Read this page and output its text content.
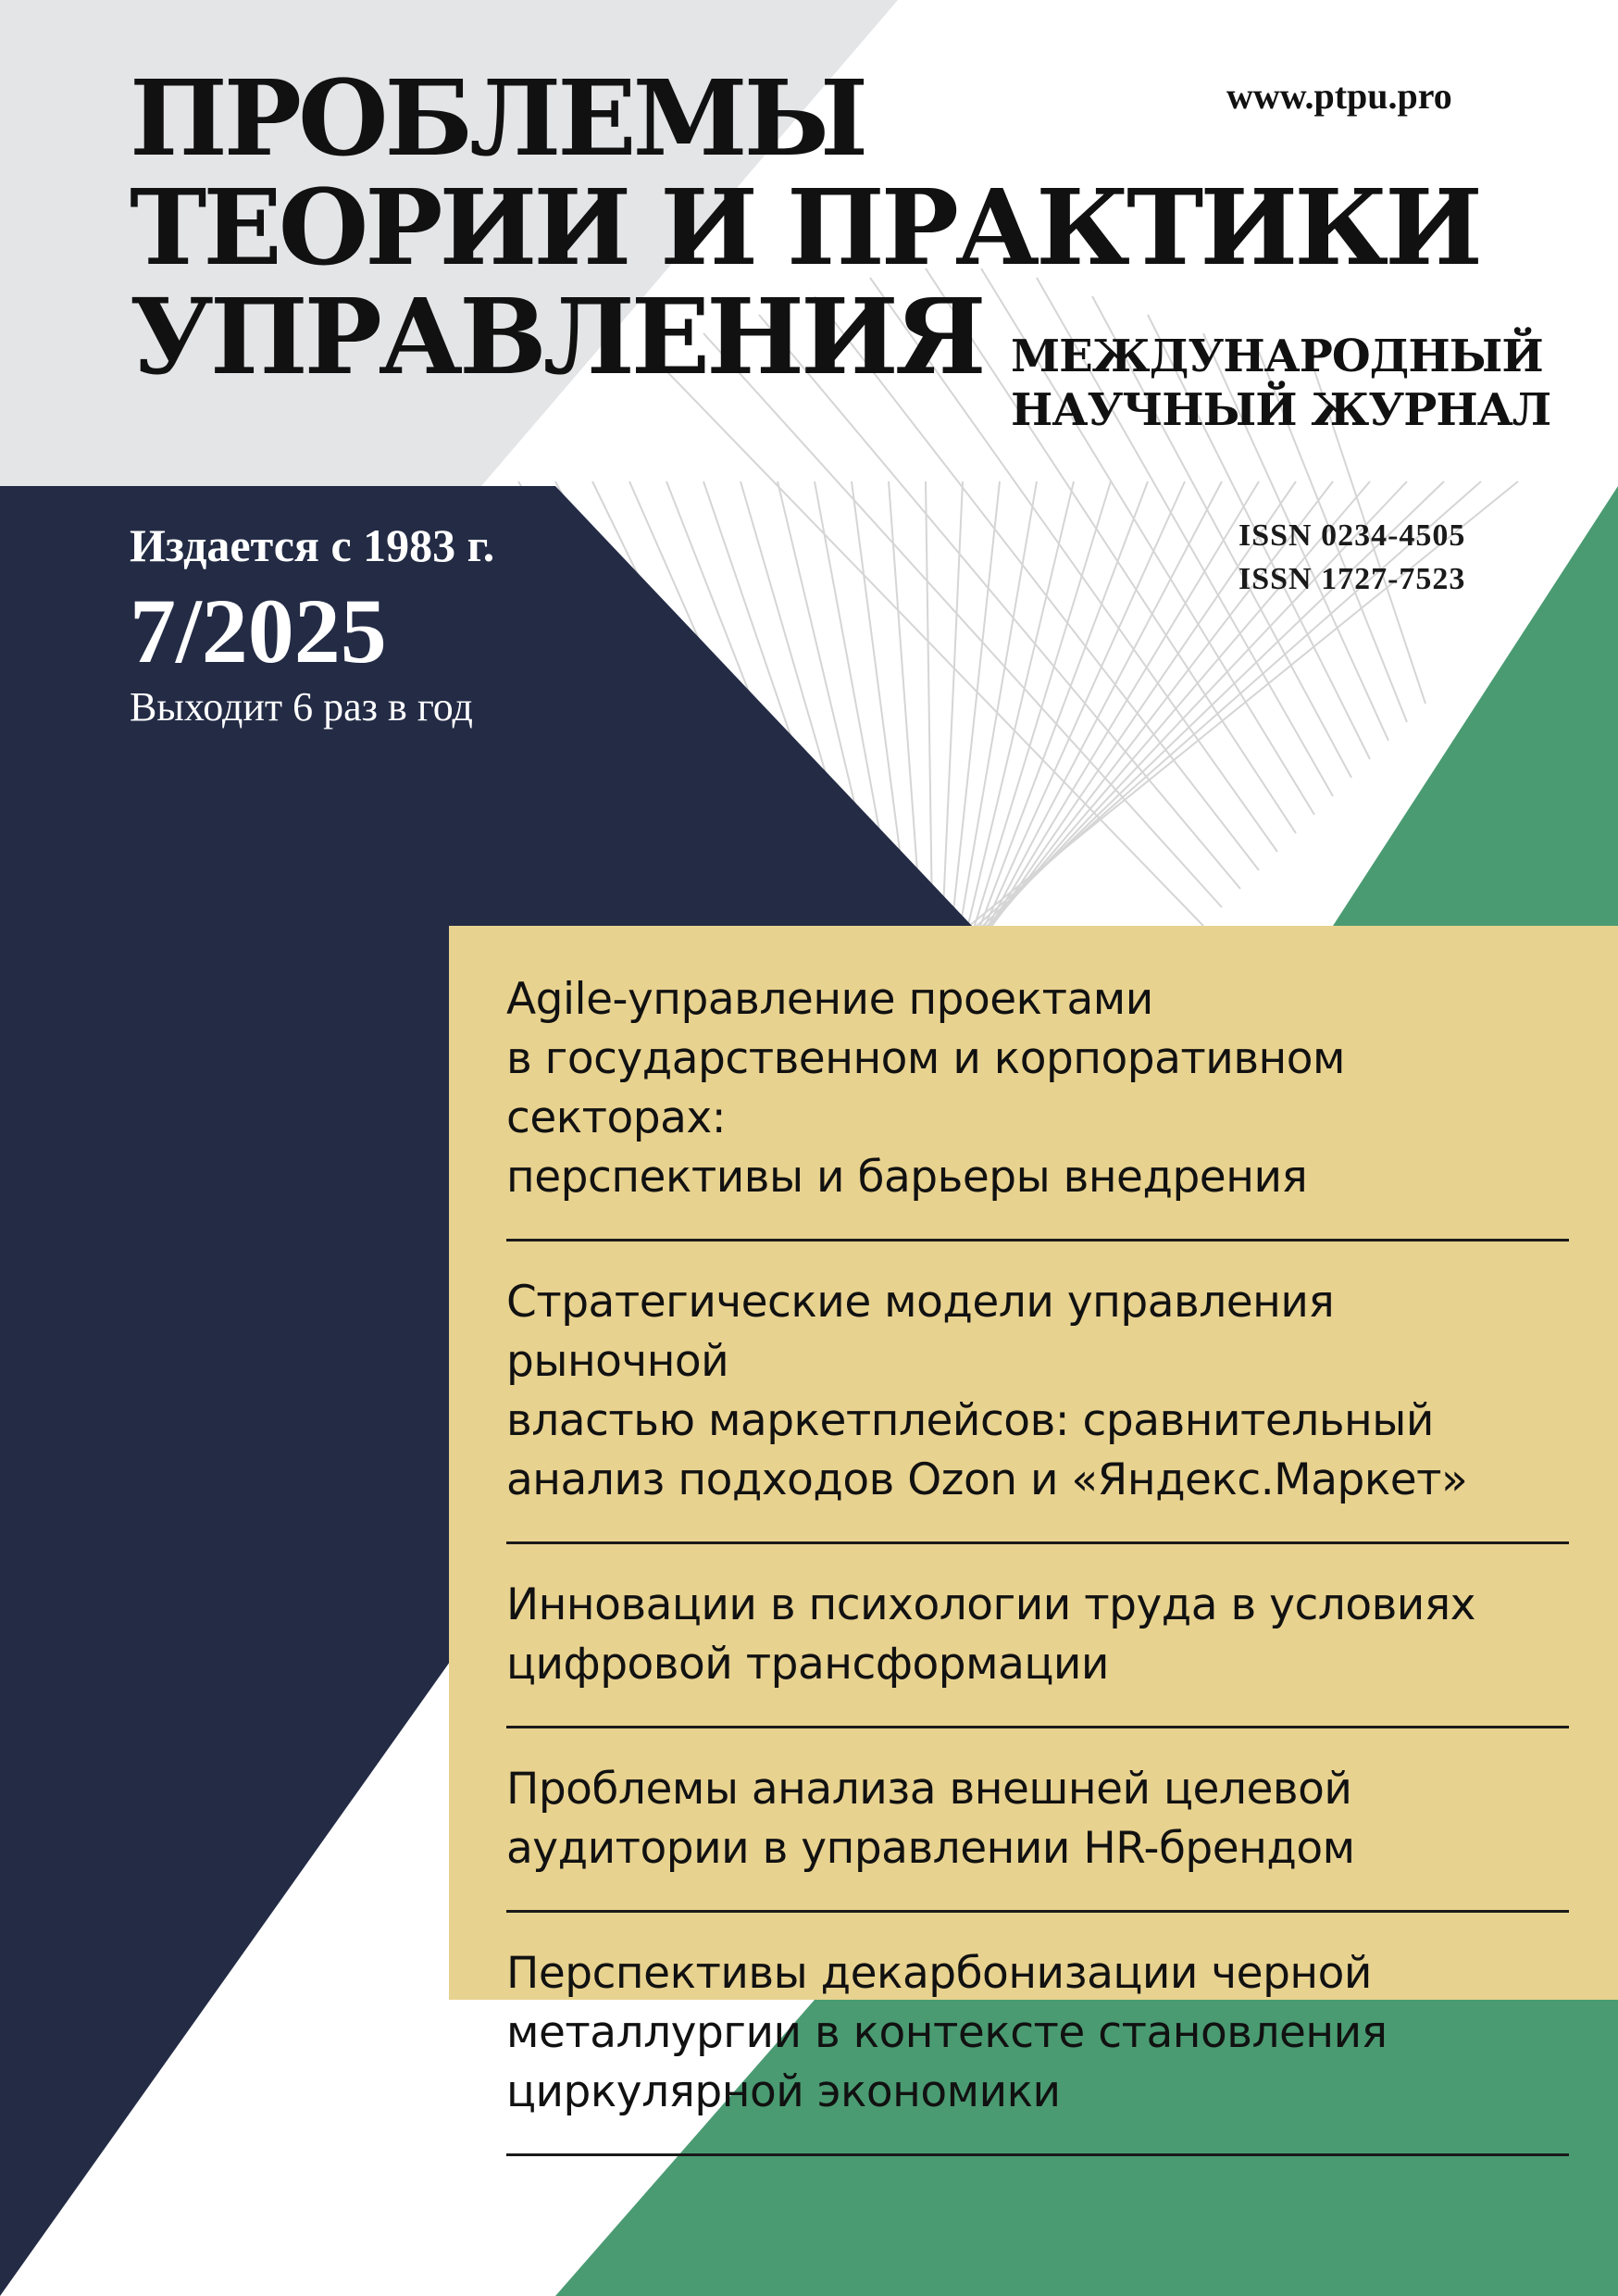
ПРОБЛЕМЫ
ТЕОРИИ И ПРАКТИКИ
УПРАВЛЕНИЯ МЕЖДУНАРОДНЫЙ
НАУЧНЫЙ ЖУРНАЛ
www.ptpu.pro
ISSN 0234-4505
ISSN 1727-7523
Издается с 1983 г.
7/2025
Выходит 6 раз в год
Agile-управление проектами
в государственном и корпоративном секторах:
перспективы и барьеры внедрения
Стратегические модели управления рыночной
властью маркетплейсов: сравнительный
анализ подходов Ozon и «Яндекс.Маркет»
Инновации в психологии труда в условиях
цифровой трансформации
Проблемы анализа внешней целевой
аудитории в управлении HR-брендом
Перспективы декарбонизации черной
металлургии в контексте становления
циркулярной экономики
